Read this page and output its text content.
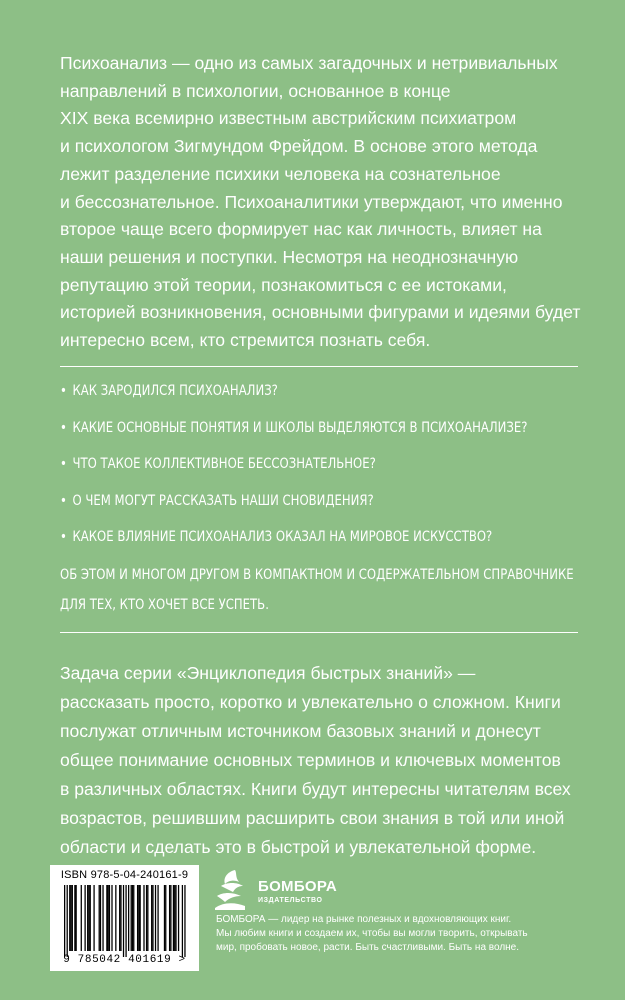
Психоанализ — одно из самых загадочных и нетривиальных
направлений в психологии, основанное в конце
XIX века всемирно известным австрийским психиатром
и психологом Зигмундом Фрейдом. В основе этого метода
лежит разделение психики человека на сознательное
и бессознательное. Психоаналитики утверждают, что именно
второе чаще всего формирует нас как личность, влияет на
наши решения и поступки. Несмотря на неоднозначную
репутацию этой теории, познакомиться с ее истоками,
историей возникновения, основными фигурами и идеями будет
интересно всем, кто стремится познать себя.

• КАК ЗАРОДИЛСЯ ПСИХОАНАЛИЗ?
• КАКИЕ ОСНОВНЫЕ ПОНЯТИЯ И ШКОЛЫ ВЫДЕЛЯЮТСЯ В ПСИХОАНАЛИЗЕ?
• ЧТО ТАКОЕ КОЛЛЕКТИВНОЕ БЕССОЗНАТЕЛЬНОЕ?
• О ЧЕМ МОГУТ РАССКАЗАТЬ НАШИ СНОВИДЕНИЯ?
• КАКОЕ ВЛИЯНИЕ ПСИХОАНАЛИЗ ОКАЗАЛ НА МИРОВОЕ ИСКУССТВО?

ОБ ЭТОМ И МНОГОМ ДРУГОМ В КОМПАКТНОМ И СОДЕРЖАТЕЛЬНОМ СПРАВОЧНИКЕ
ДЛЯ ТЕХ, КТО ХОЧЕТ ВСЕ УСПЕТЬ.

Задача серии «Энциклопедия быстрых знаний» —
рассказать просто, коротко и увлекательно о сложном. Книги
послужат отличным источником базовых знаний и донесут
общее понимание основных терминов и ключевых моментов
в различных областях. Книги будут интересны читателям всех
возрастов, решившим расширить свои знания в той или иной
области и сделать это в быстрой и увлекательной форме.

ISBN 978-5-04-240161-9
9 785042 401619 >
БОМБОРА
ИЗДАТЕЛЬСТВО

БОМБОРА — лидер на рынке полезных и вдохновляющих книг.
Мы любим книги и создаем их, чтобы вы могли творить, открывать
мир, пробовать новое, расти. Быть счастливыми. Быть на волне.
